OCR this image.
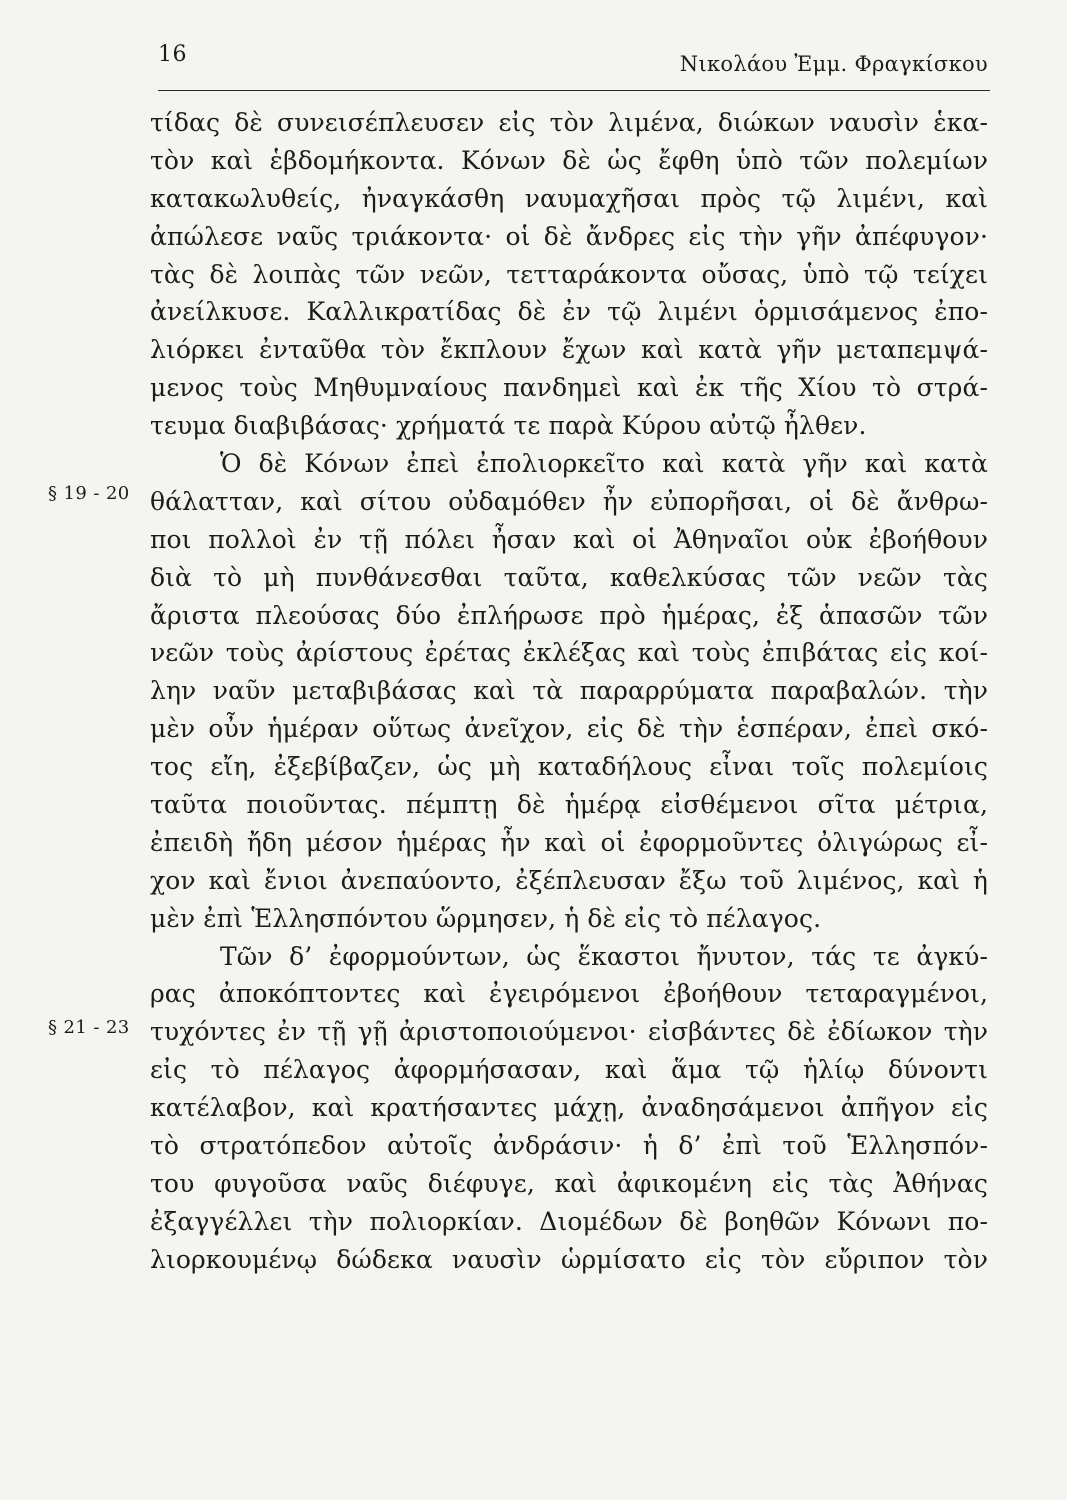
16	Νικολάου Ἐμμ. Φραγκίσκου
§ 19 - 20
§ 21 - 23
τίδας δὲ συνεισέπλευσεν εἰς τὸν λιμένα, διώκων ναυσὶν ἑκα-
τὸν καὶ ἑβδομήκοντα. Κόνων δὲ ὡς ἔφθη ὑπὸ τῶν πολεμίων
κατακωλυθείς, ἠναγκάσθη ναυμαχῆσαι πρὸς τῷ λιμένι, καὶ
ἀπώλεσε ναῦς τριάκοντα· οἱ δὲ ἄνδρες εἰς τὴν γῆν ἀπέφυγον·
τὰς δὲ λοιπὰς τῶν νεῶν, τετταράκοντα οὔσας, ὑπὸ τῷ τείχει
ἀνείλκυσε. Καλλικρατίδας δὲ ἐν τῷ λιμένι ὁρμισάμενος ἐπο-
λιόρκει ἐνταῦθα τὸν ἔκπλουν ἔχων καὶ κατὰ γῆν μεταπεμψά-
μενος τοὺς Μηθυμναίους πανδημεὶ καὶ ἐκ τῆς Χίου τὸ στρά-
τευμα διαβιβάσας· χρήματά τε παρὰ Κύρου αὐτῷ ἦλθεν.
Ὁ δὲ Κόνων ἐπεὶ ἐπολιορκεῖτο καὶ κατὰ γῆν καὶ κατὰ
θάλατταν, καὶ σίτου οὐδαμόθεν ἦν εὐπορῆσαι, οἱ δὲ ἄνθρω-
ποι πολλοὶ ἐν τῇ πόλει ἦσαν καὶ οἱ Ἀθηναῖοι οὐκ ἐβοήθουν
διὰ τὸ μὴ πυνθάνεσθαι ταῦτα, καθελκύσας τῶν νεῶν τὰς
ἄριστα πλεούσας δύο ἐπλήρωσε πρὸ ἡμέρας, ἐξ ἁπασῶν τῶν
νεῶν τοὺς ἀρίστους ἐρέτας ἐκλέξας καὶ τοὺς ἐπιβάτας εἰς κοί-
λην ναῦν μεταβιβάσας καὶ τὰ παραρρύματα παραβαλών. τὴν
μὲν οὖν ἡμέραν οὕτως ἀνεῖχον, εἰς δὲ τὴν ἑσπέραν, ἐπεὶ σκό-
τος εἴη, ἐξεβίβαζεν, ὡς μὴ καταδήλους εἶναι τοῖς πολεμίοις
ταῦτα ποιοῦντας. πέμπτῃ δὲ ἡμέρᾳ εἰσθέμενοι σῖτα μέτρια,
ἐπειδὴ ἤδη μέσον ἡμέρας ἦν καὶ οἱ ἐφορμοῦντες ὀλιγώρως εἶ-
χον καὶ ἔνιοι ἀνεπαύοντο, ἐξέπλευσαν ἔξω τοῦ λιμένος, καὶ ἡ
μὲν ἐπὶ Ἑλλησπόντου ὥρμησεν, ἡ δὲ εἰς τὸ πέλαγος.
Τῶν δ’ ἐφορμούντων, ὡς ἕκαστοι ἤνυτον, τάς τε ἀγκύ-
ρας ἀποκόπτοντες καὶ ἐγειρόμενοι ἐβοήθουν τεταραγμένοι,
τυχόντες ἐν τῇ γῇ ἀριστοποιούμενοι· εἰσβάντες δὲ ἐδίωκον τὴν
εἰς τὸ πέλαγος ἀφορμήσασαν, καὶ ἅμα τῷ ἡλίῳ δύνοντι
κατέλαβον, καὶ κρατήσαντες μάχῃ, ἀναδησάμενοι ἀπῆγον εἰς
τὸ στρατόπεδον αὐτοῖς ἀνδράσιν· ἡ δ’ ἐπὶ τοῦ Ἑλλησπόν-
του φυγοῦσα ναῦς διέφυγε, καὶ ἀφικομένη εἰς τὰς Ἀθήνας
ἐξαγγέλλει τὴν πολιορκίαν. Διομέδων δὲ βοηθῶν Κόνωνι πο-
λιορκουμένῳ δώδεκα ναυσὶν ὡρμίσατο εἰς τὸν εὔριπον τὸν
